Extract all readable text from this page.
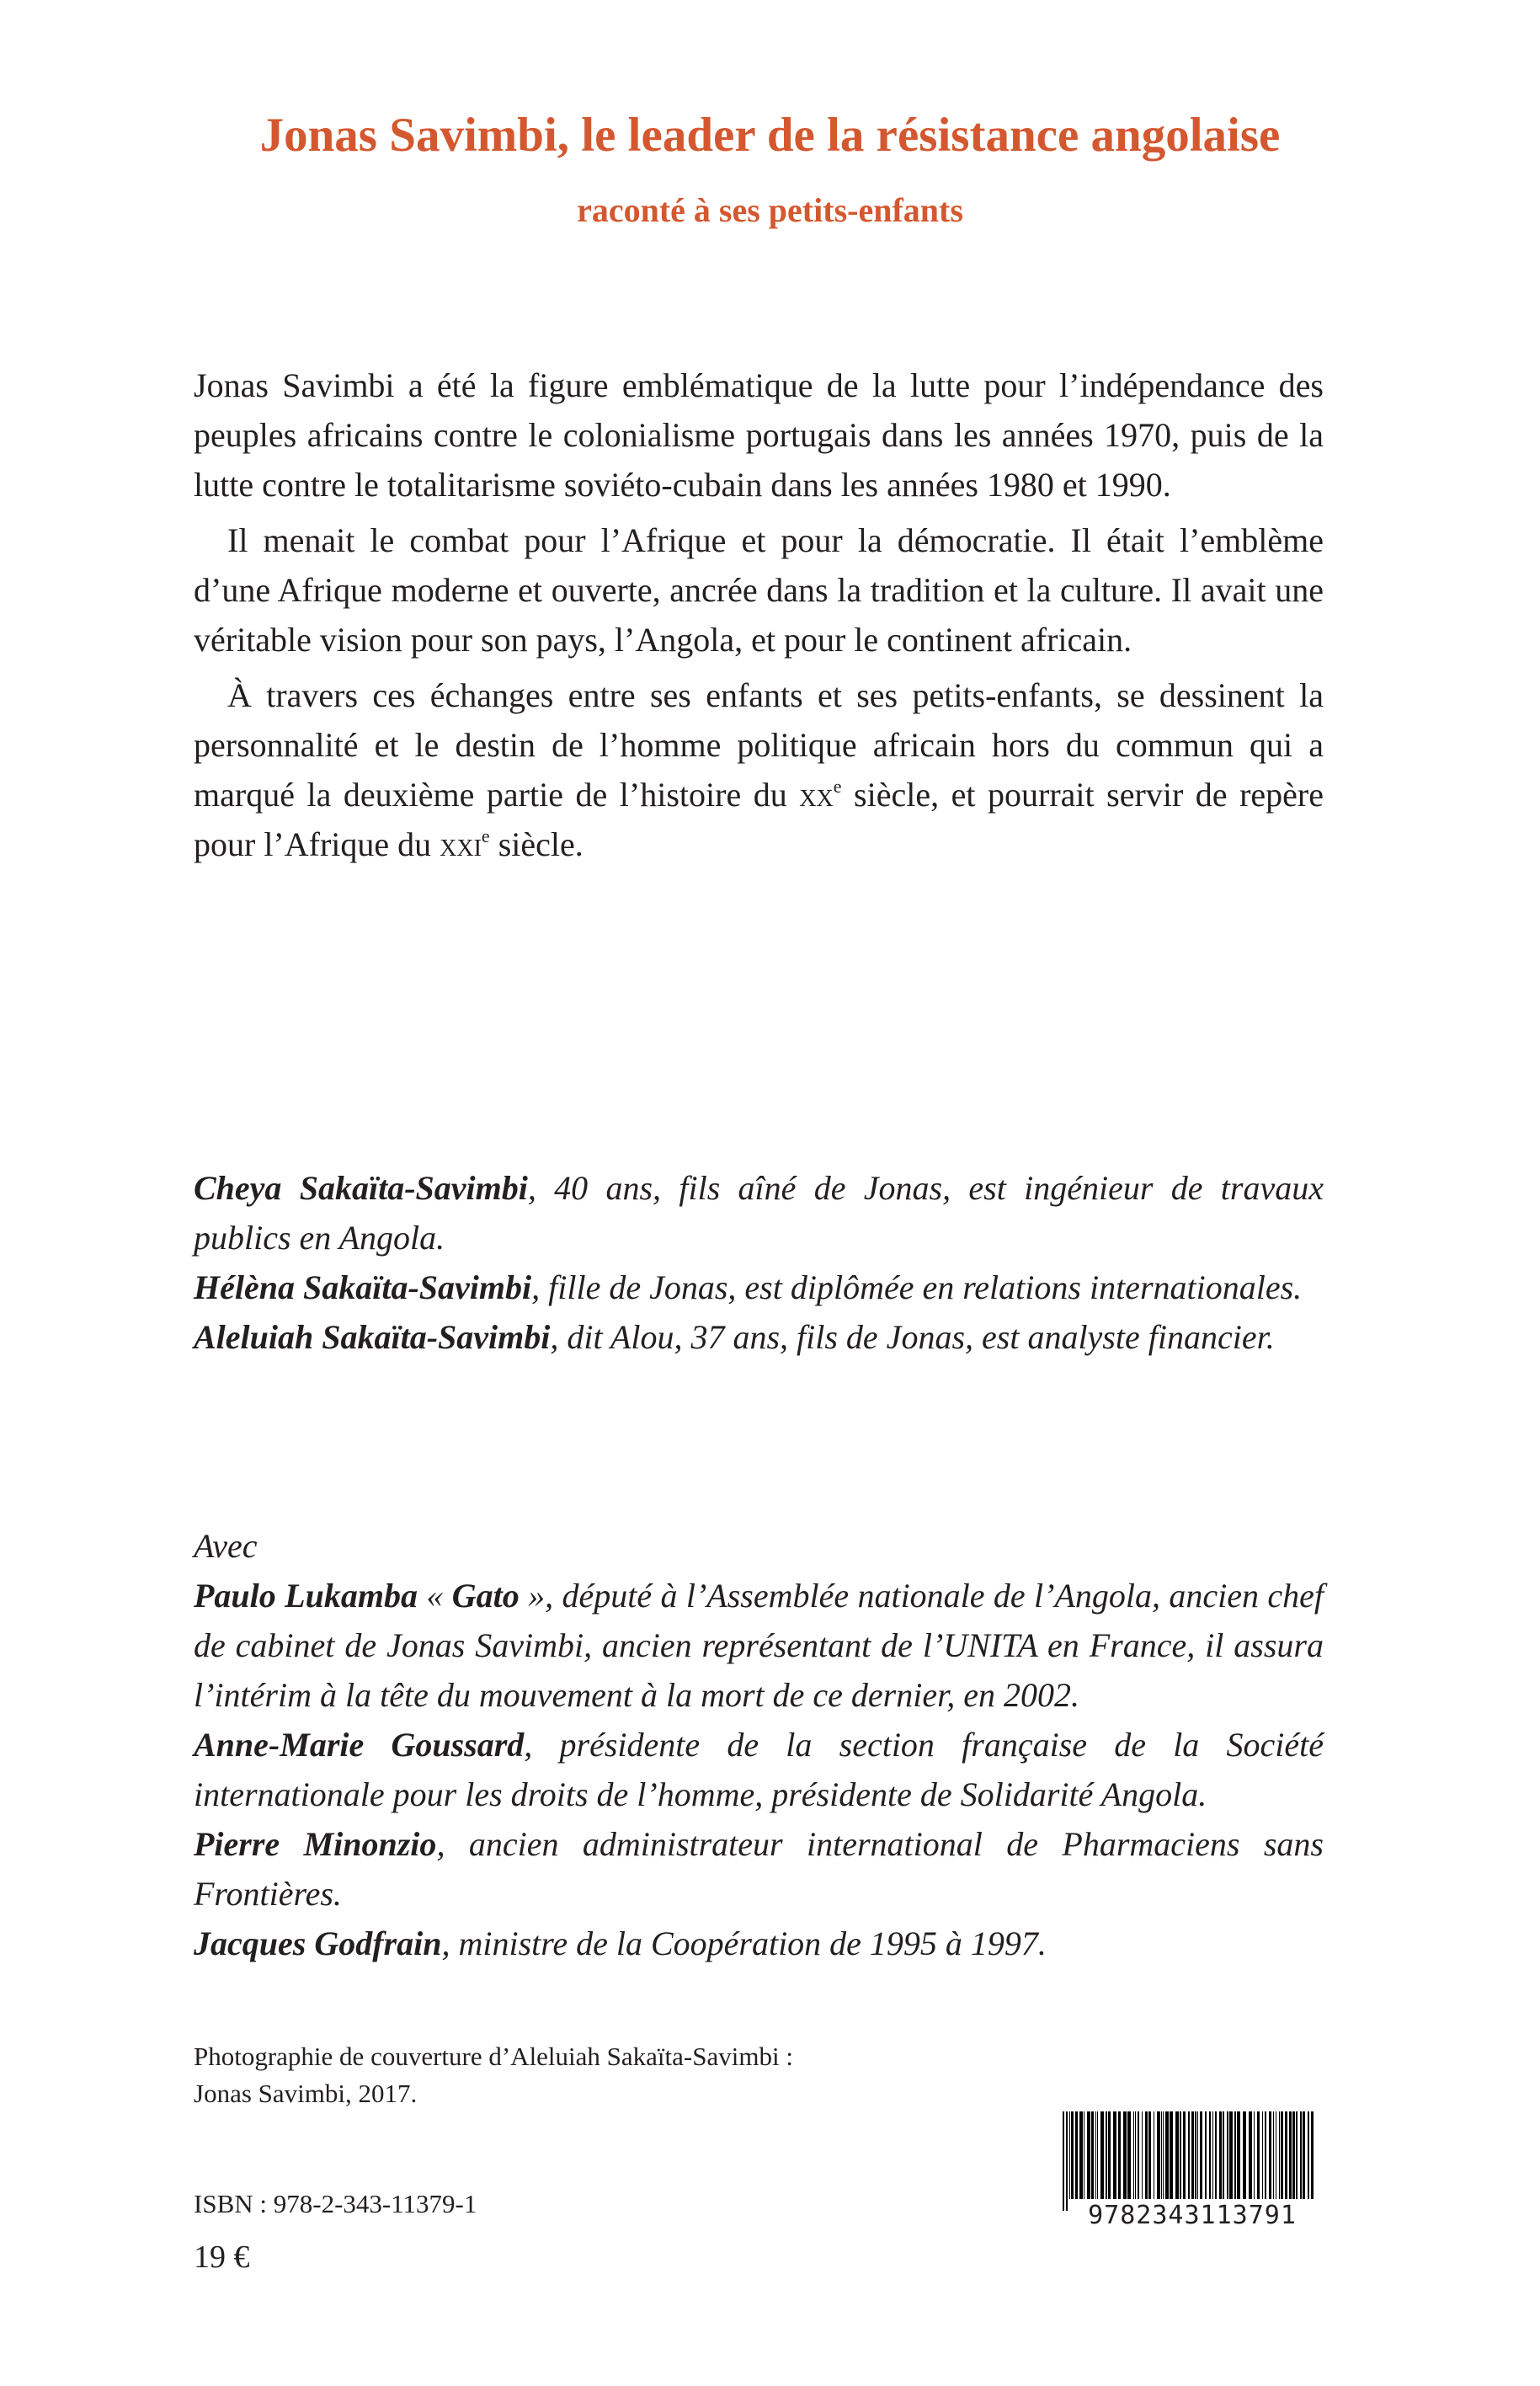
Jonas Savimbi, le leader de la résistance angolaise
raconté à ses petits-enfants

Jonas Savimbi a été la figure emblématique de la lutte pour l’indépendance des peuples africains contre le colonialisme portugais dans les années 1970, puis de la lutte contre le totalitarisme soviéto-cubain dans les années 1980 et 1990.

Il menait le combat pour l’Afrique et pour la démocratie. Il était l’emblème d’une Afrique moderne et ouverte, ancrée dans la tradition et la culture. Il avait une véritable vision pour son pays, l’Angola, et pour le continent africain.

À travers ces échanges entre ses enfants et ses petits-enfants, se dessinent la personnalité et le destin de l’homme politique africain hors du commun qui a marqué la deuxième partie de l’histoire du $xx^e$ siècle, et pourrait servir de repère pour l’Afrique du xxi$^e$ siècle.

Cheya Sakaïta-Savimbi, 40 ans, fils aîné de Jonas, est ingénieur de travaux publics en Angola.

Hélèna Sakaïta-Savimbi, fille de Jonas, est diplômée en relations internationales.

Aleluiah Sakaïta-Savimbi, dit Alou, 37 ans, fils de Jonas, est analyste financier.

Avec

Paulo Lukamba « Gato », député à l’Assemblée nationale de l’Angola, ancien chef de cabinet de Jonas Savimbi, ancien représentant de l’UNITA en France, il assura l’intérim à la tête du mouvement à la mort de ce dernier, en 2002.

Anne-Marie Goussard, présidente de la section française de la Société internationale pour les droits de l’homme, présidente de Solidarité Angola.

Pierre Minonzio, ancien administrateur international de Pharmaciens sans Frontières.

Jacques Godfrain, ministre de la Coopération de 1995 à 1997.

Photographie de couverture d’Aleluiah Sakaïta-Savimbi :
Jonas Savimbi, 2017.
ISBN : 978-2-343-11379-1
19 €
9782343113791
